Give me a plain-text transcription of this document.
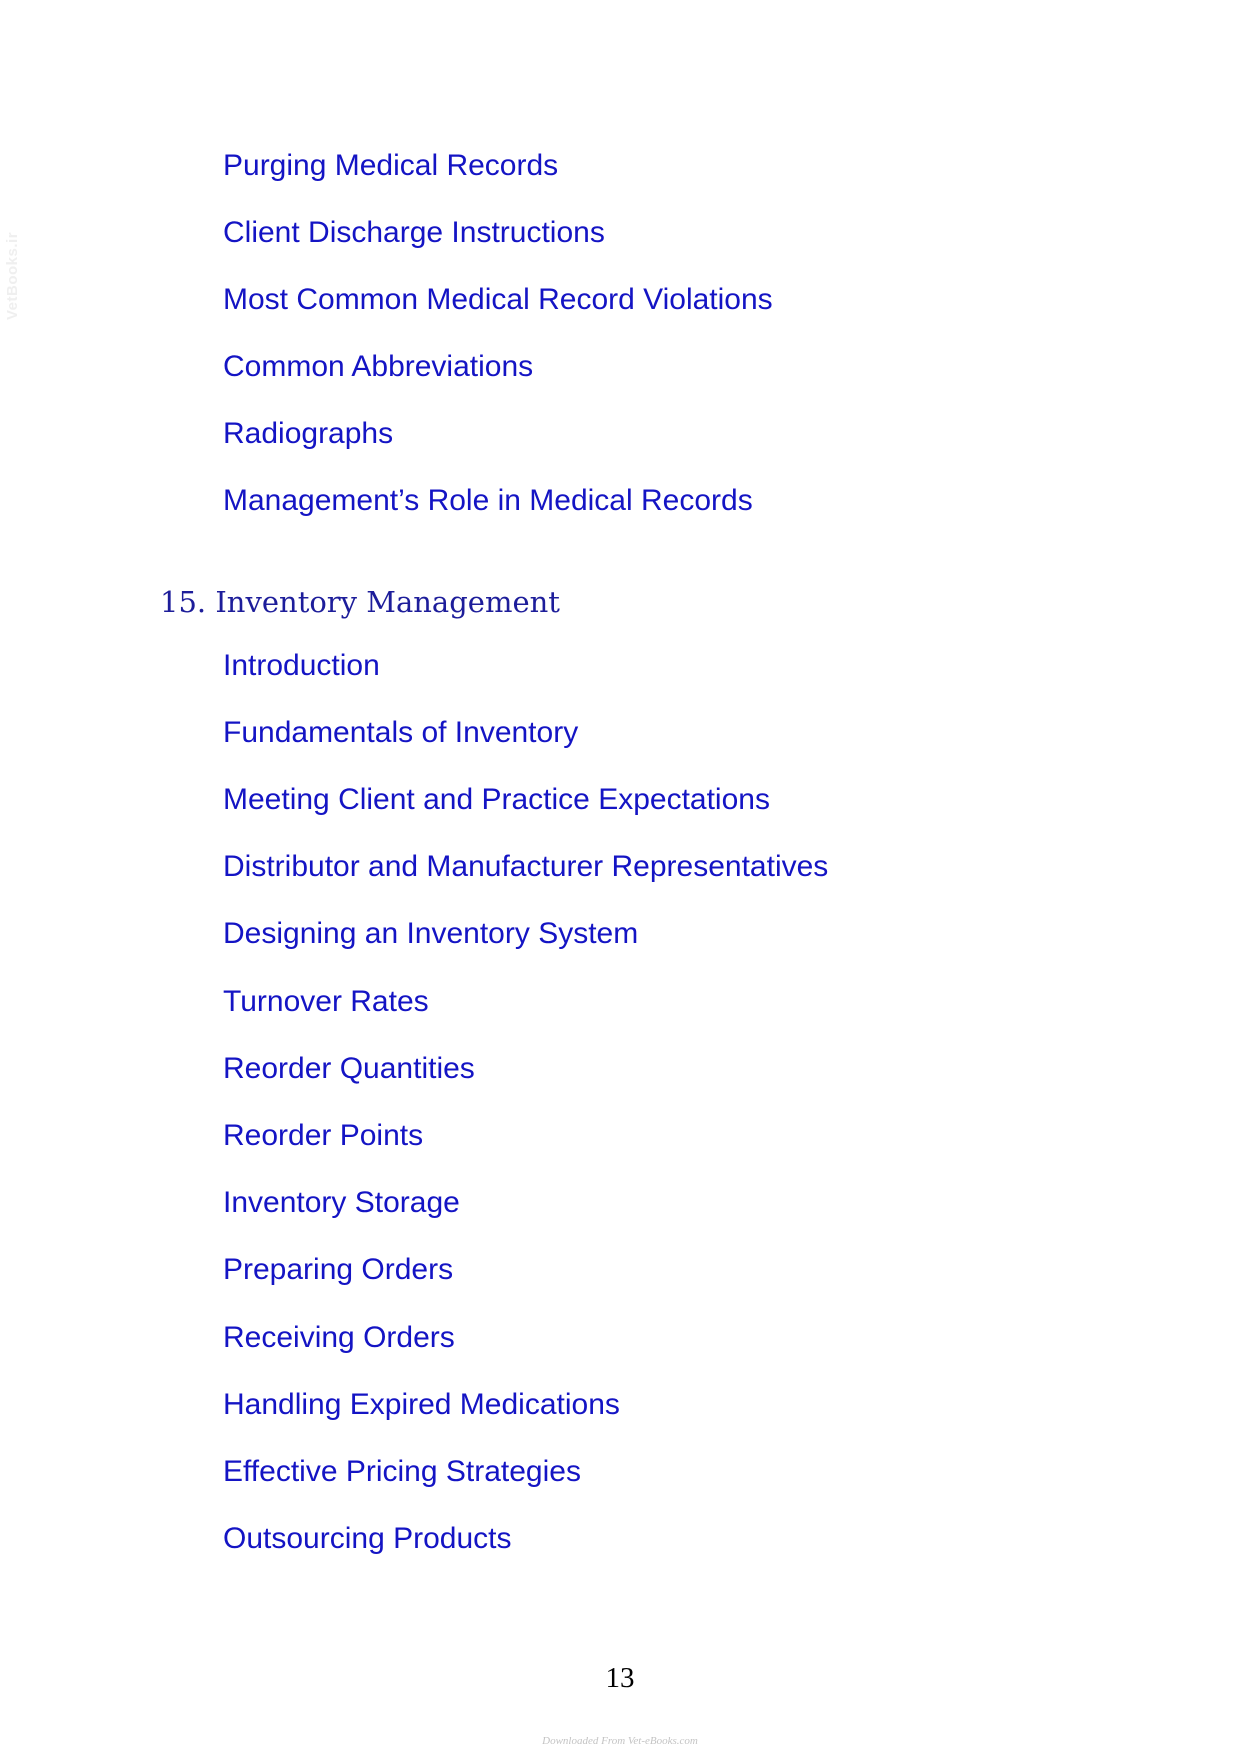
VetBooks.ir
Purging Medical Records
Client Discharge Instructions
Most Common Medical Record Violations
Common Abbreviations
Radiographs
Management’s Role in Medical Records
15. Inventory Management
Introduction
Fundamentals of Inventory
Meeting Client and Practice Expectations
Distributor and Manufacturer Representatives
Designing an Inventory System
Turnover Rates
Reorder Quantities
Reorder Points
Inventory Storage
Preparing Orders
Receiving Orders
Handling Expired Medications
Effective Pricing Strategies
Outsourcing Products
13
Downloaded From Vet-eBooks.com
